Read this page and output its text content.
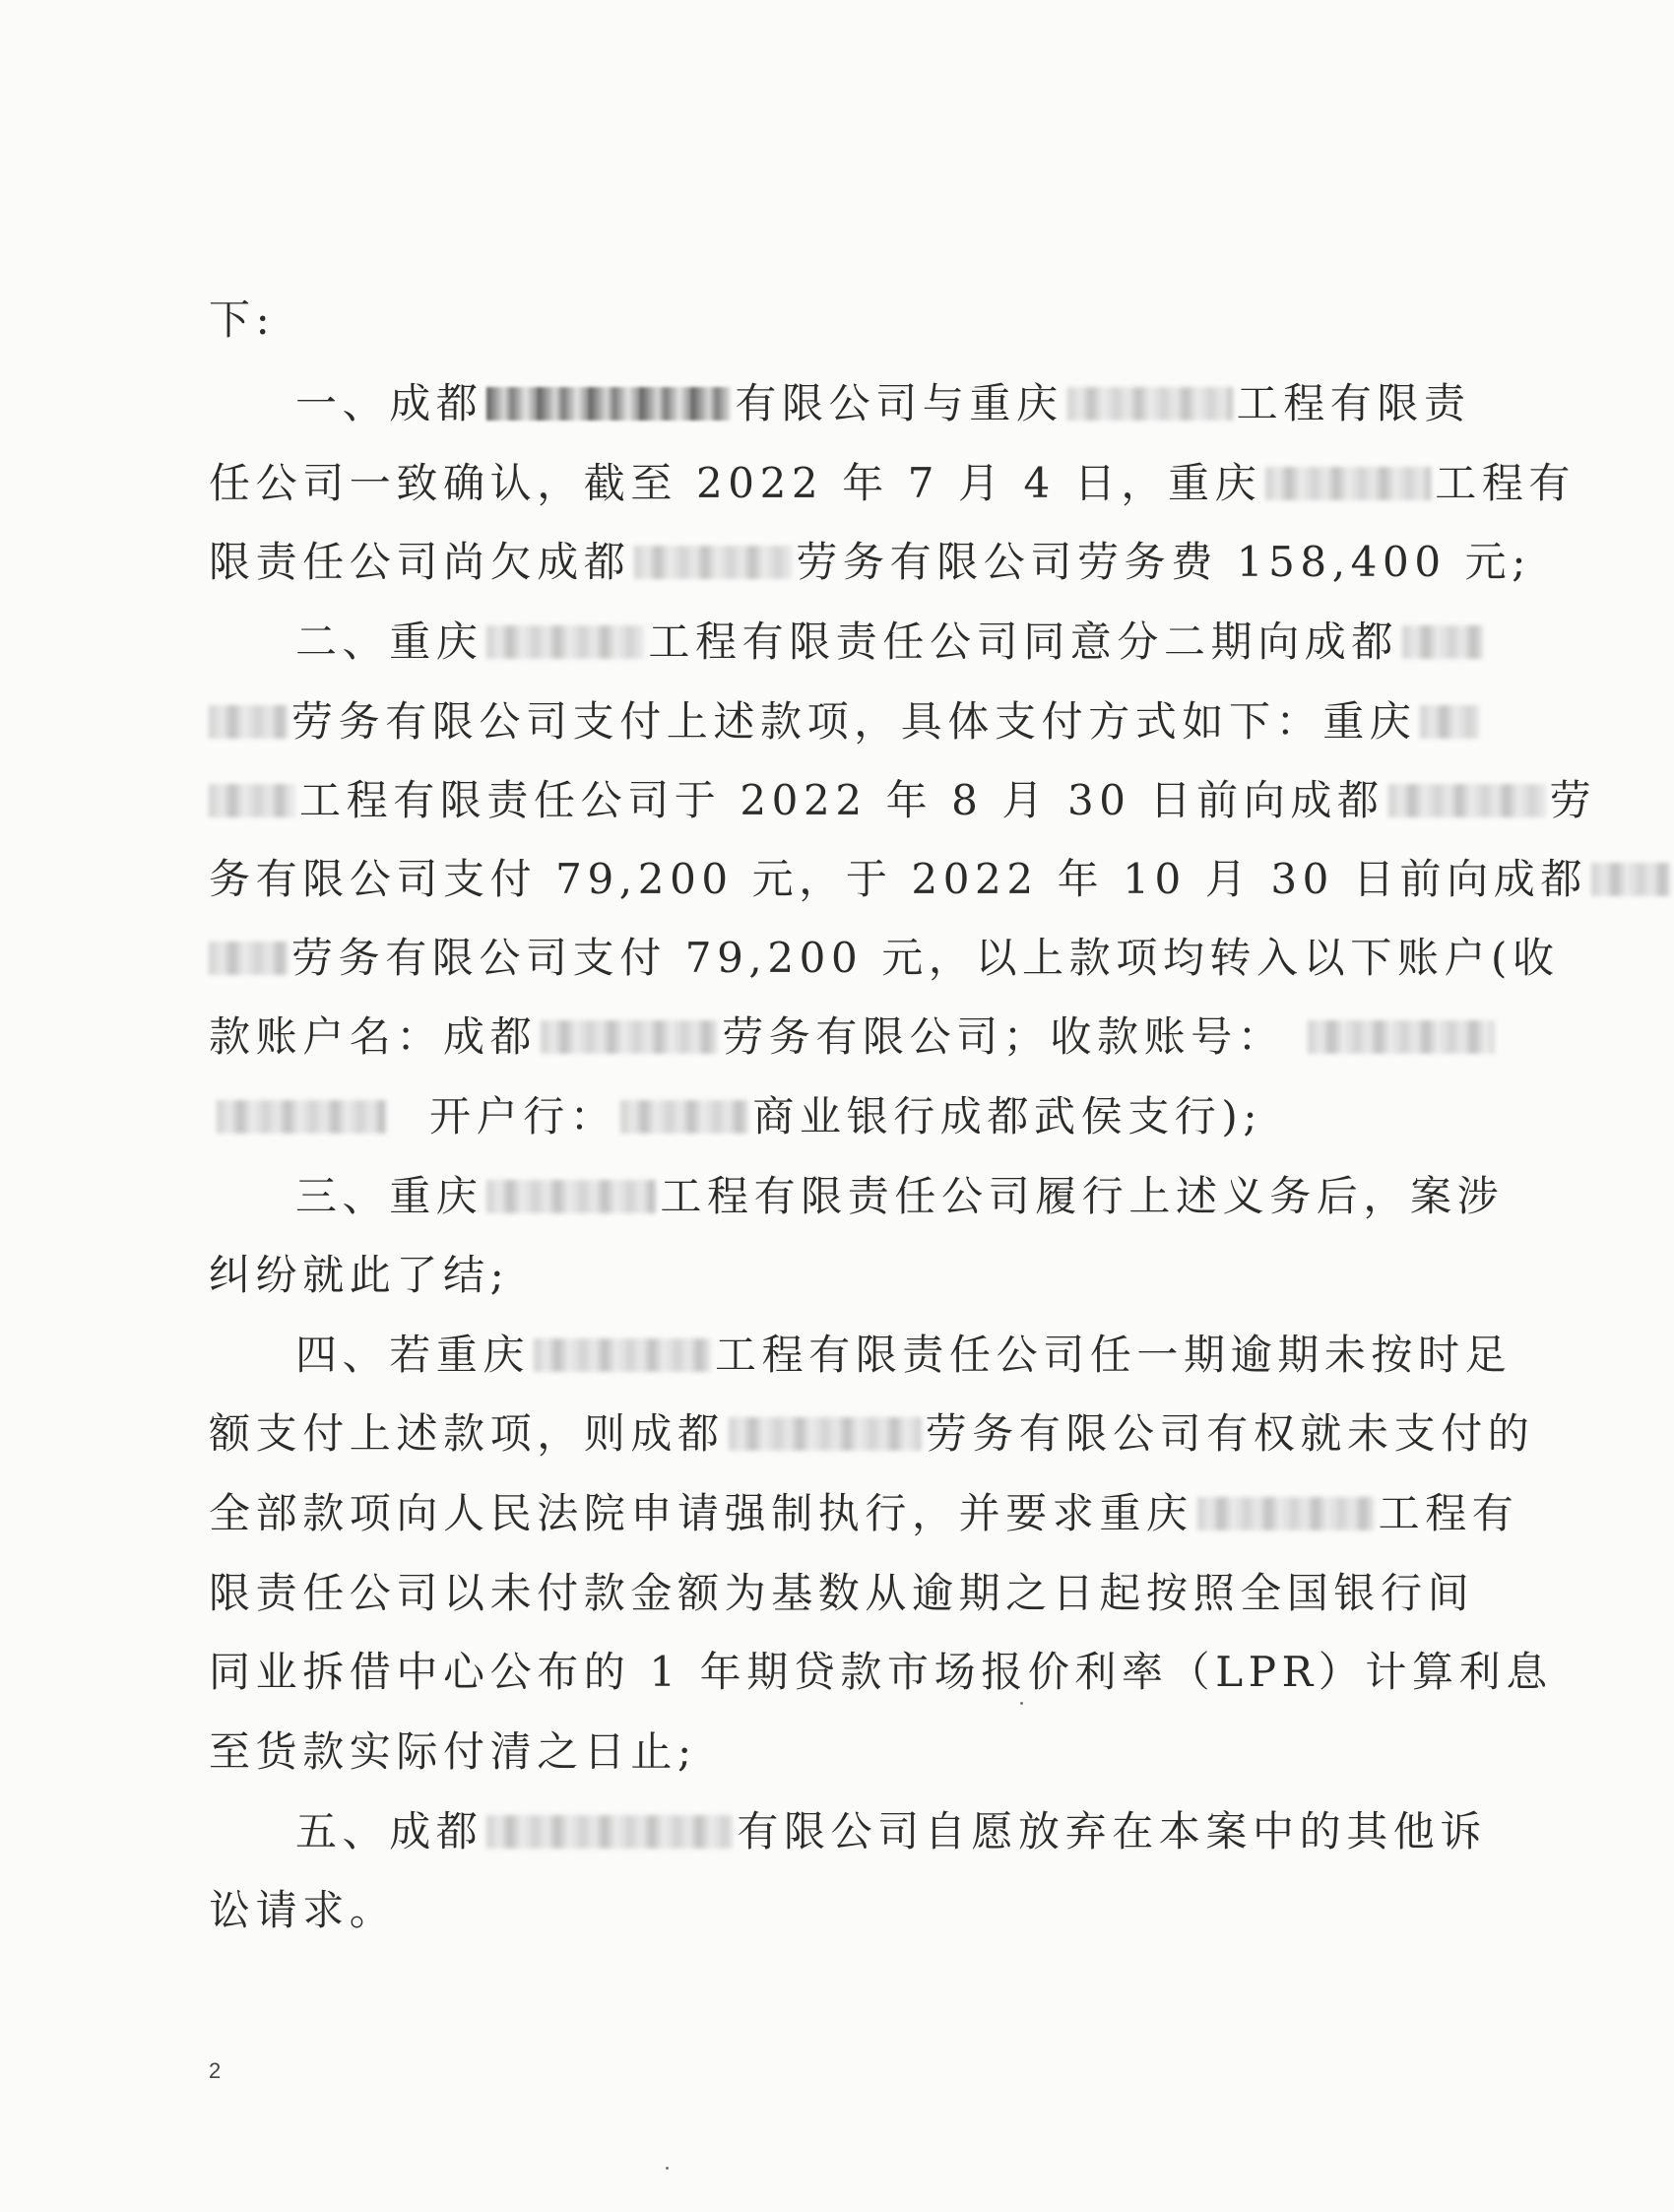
下:
一、成都	有限公司与重庆	工程有限责
任公司一致确认，截至 2022 年 7 月 4 日，重庆	工程有
限责任公司尚欠成都	劳务有限公司劳务费 158,400 元;
二、重庆	工程有限责任公司同意分二期向成都
劳务有限公司支付上述款项，具体支付方式如下：重庆
工程有限责任公司于 2022 年 8 月 30 日前向成都	劳
务有限公司支付 79,200 元，于 2022 年 10 月 30 日前向成都
劳务有限公司支付 79,200 元，以上款项均转入以下账户(收
款账户名：成都	劳务有限公司；收款账号：
开户行：	商业银行成都武侯支行);
三、重庆	工程有限责任公司履行上述义务后，案涉
纠纷就此了结;
四、若重庆	工程有限责任公司任一期逾期未按时足
额支付上述款项，则成都	劳务有限公司有权就未支付的
全部款项向人民法院申请强制执行，并要求重庆	工程有
限责任公司以未付款金额为基数从逾期之日起按照全国银行间
同业拆借中心公布的 1 年期贷款市场报价利率（LPR）计算利息
至货款实际付清之日止;
五、成都	有限公司自愿放弃在本案中的其他诉
讼请求。
2
